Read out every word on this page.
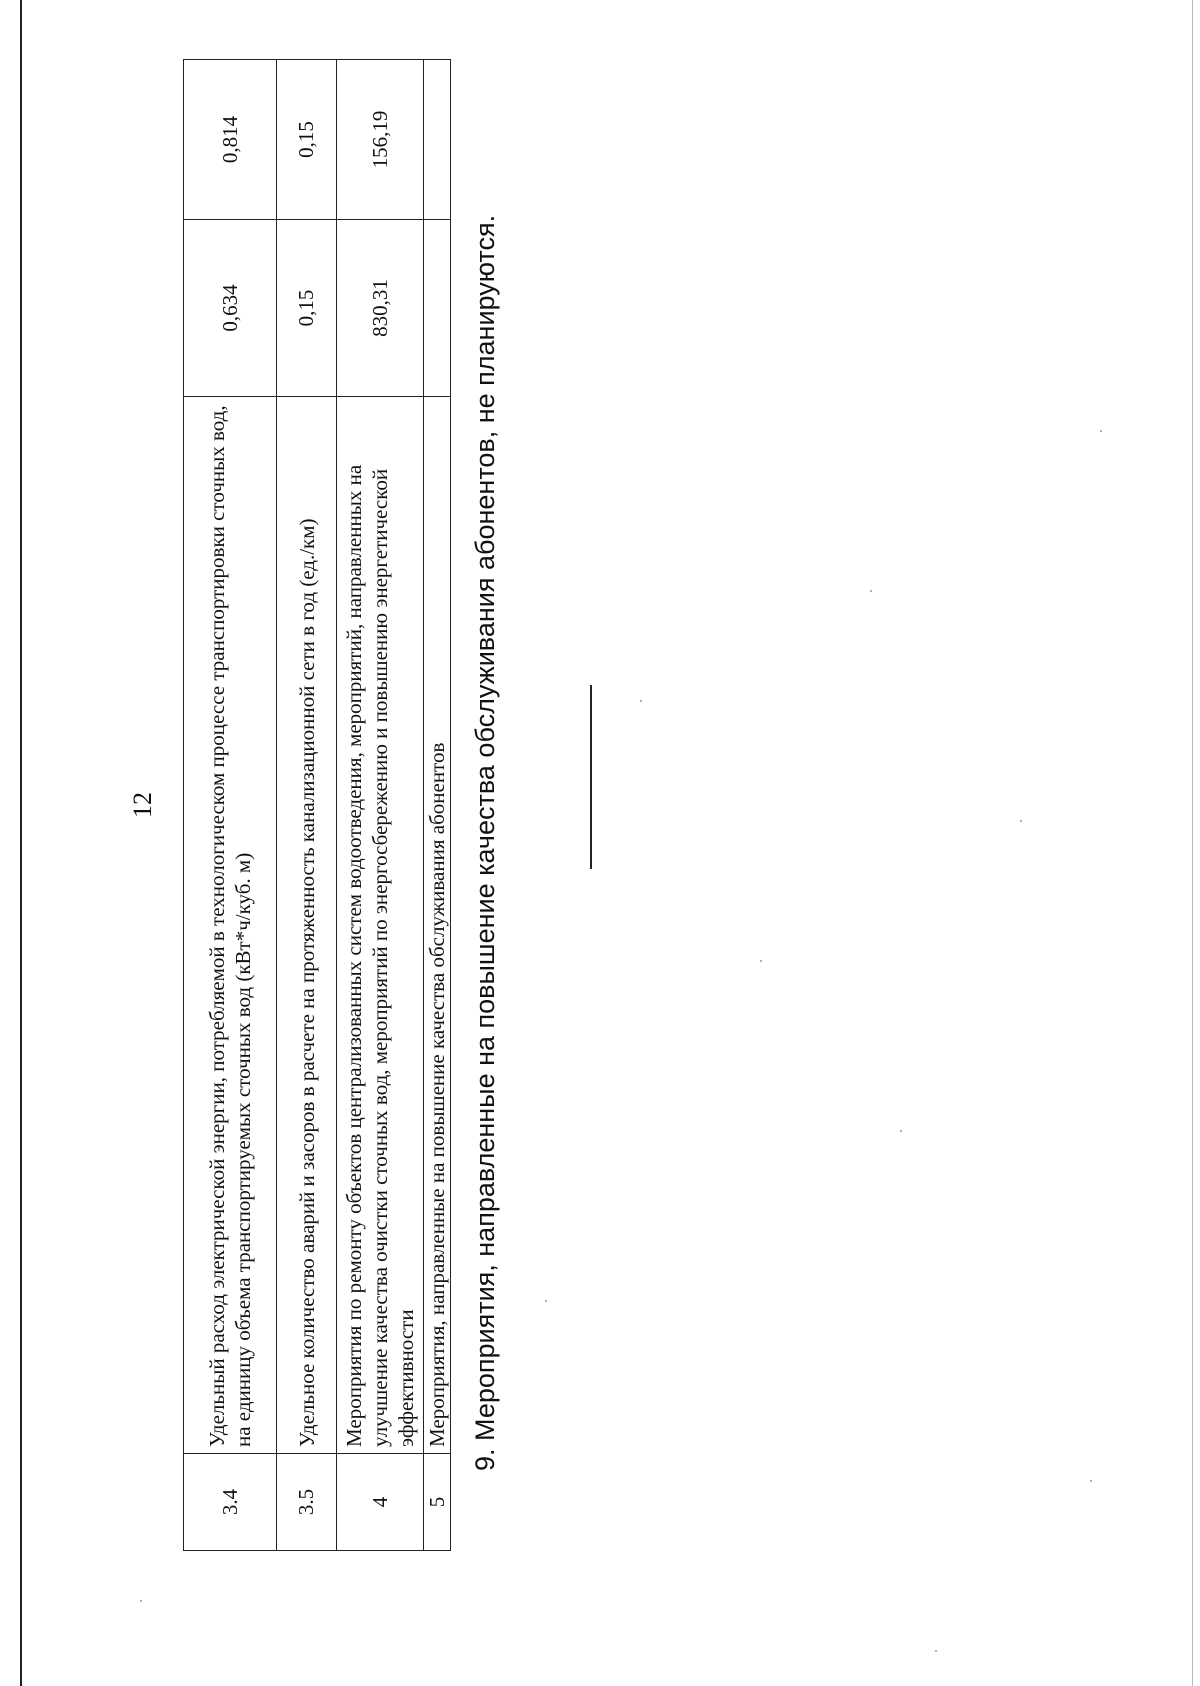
12
3.4	Удельный расход электрической энергии, потребляемой в технологическом процессе транспортировки сточных вод, на единицу объема транспортируемых сточных вод (кВт*ч/куб. м)	0,634	0,814
3.5	Удельное количество аварий и засоров в расчете на протяженность канализационной сети в год (ед./км)	0,15	0,15
4	Мероприятия по ремонту объектов централизованных систем водоотведения, мероприятий, направленных на улучшение качества очистки сточных вод, мероприятий по энергосбережению и повышению энергетической эффективности	830,31	156,19
5	Мероприятия, направленные на повышение качества обслуживания абонентов		9. Мероприятия, направленные на повышение качества обслуживания абонентов, не планируются.
